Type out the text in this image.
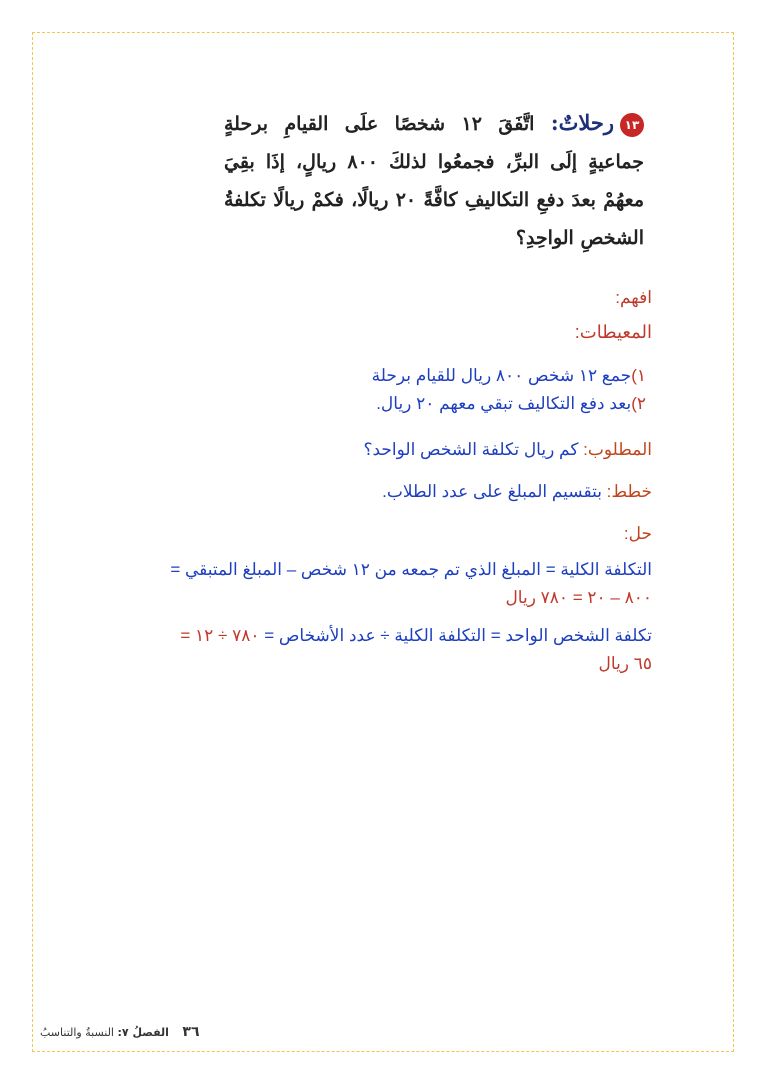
١٣رحلاتٌ: اتَّفَقَ ١٢ شخصًا علَى القيامِ برحلةٍ جماعيةٍ إلَى البرِّ، فجمعُوا لذلكَ ٨٠٠ ريالٍ، إذَا بقِيَ معهُمْ بعدَ دفعِ التكاليفِ كافَّةً ٢٠ ريالًا، فكمْ ريالًا تكلفةُ الشخصِ الواحِدِ؟
افهم:
المعيطات:
١)جمع ١٢ شخص ٨٠٠ ريال للقيام برحلة
٢)بعد دفع التكاليف تبقي معهم ٢٠ ريال.
المطلوب: كم ريال تكلفة الشخص الواحد؟
خطط: بتقسيم المبلغ على عدد الطلاب.
حل:
التكلفة الكلية = المبلغ الذي تم جمعه من ١٢ شخص – المبلغ المتبقي =
٨٠٠ – ٢٠ = ٧٨٠ ريال
تكلفة الشخص الواحد = التكلفة الكلية ÷ عدد الأشخاص = ٧٨٠ ÷ ١٢ =
٦٥ ريال
٣٦ الفصلُ ٧: النسبةُ والتناسبُ
